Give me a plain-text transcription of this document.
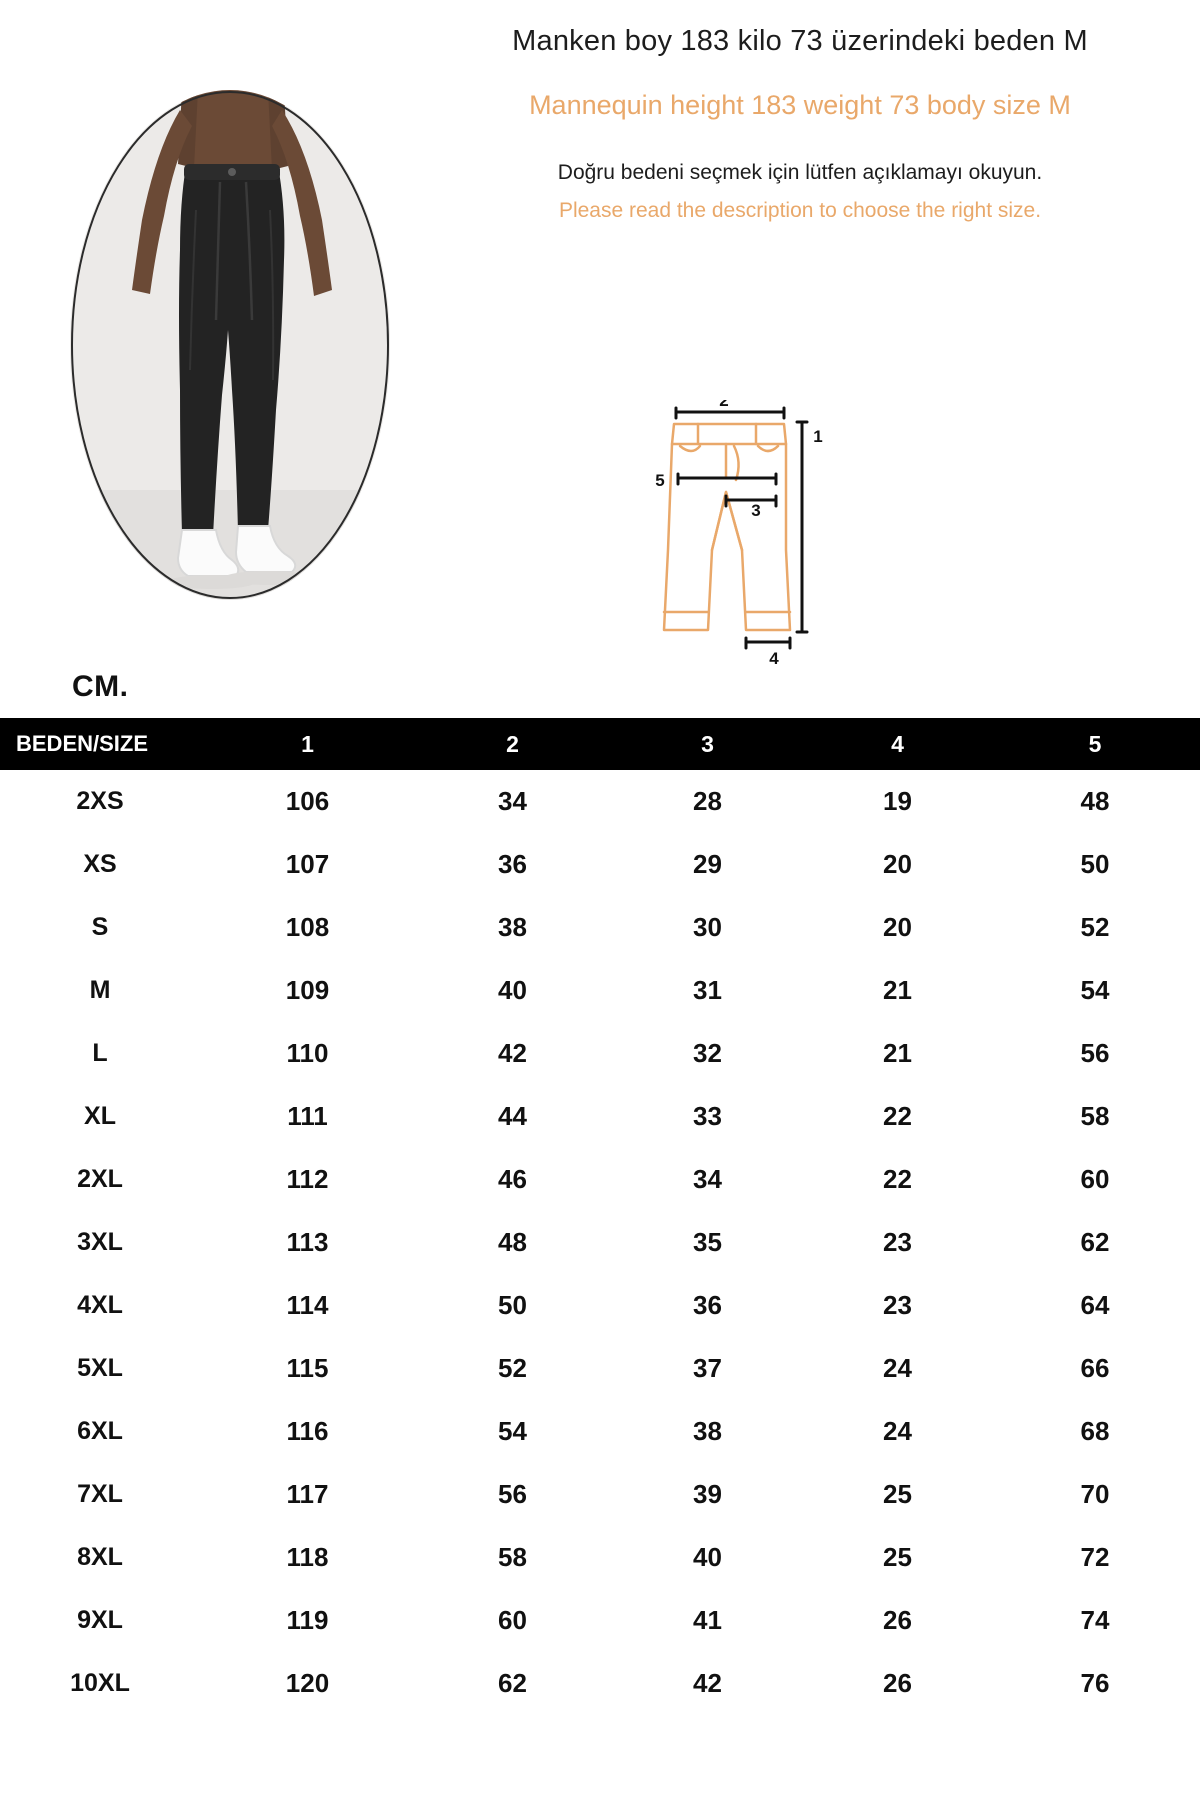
Manken boy 183 kilo 73 üzerindeki beden M

Mannequin height 183 weight 73 body size M

Doğru bedeni seçmek için lütfen açıklamayı okuyun.

Please read the description to choose the right size.

2
1
3
4
5
CM.
BEDEN/SIZE	1	2	3	4	5
2XS	106	34	28	19	48
XS	107	36	29	20	50
S	108	38	30	20	52
M	109	40	31	21	54
L	110	42	32	21	56
XL	111	44	33	22	58
2XL	112	46	34	22	60
3XL	113	48	35	23	62
4XL	114	50	36	23	64
5XL	115	52	37	24	66
6XL	116	54	38	24	68
7XL	117	56	39	25	70
8XL	118	58	40	25	72
9XL	119	60	41	26	74
10XL	120	62	42	26	76
